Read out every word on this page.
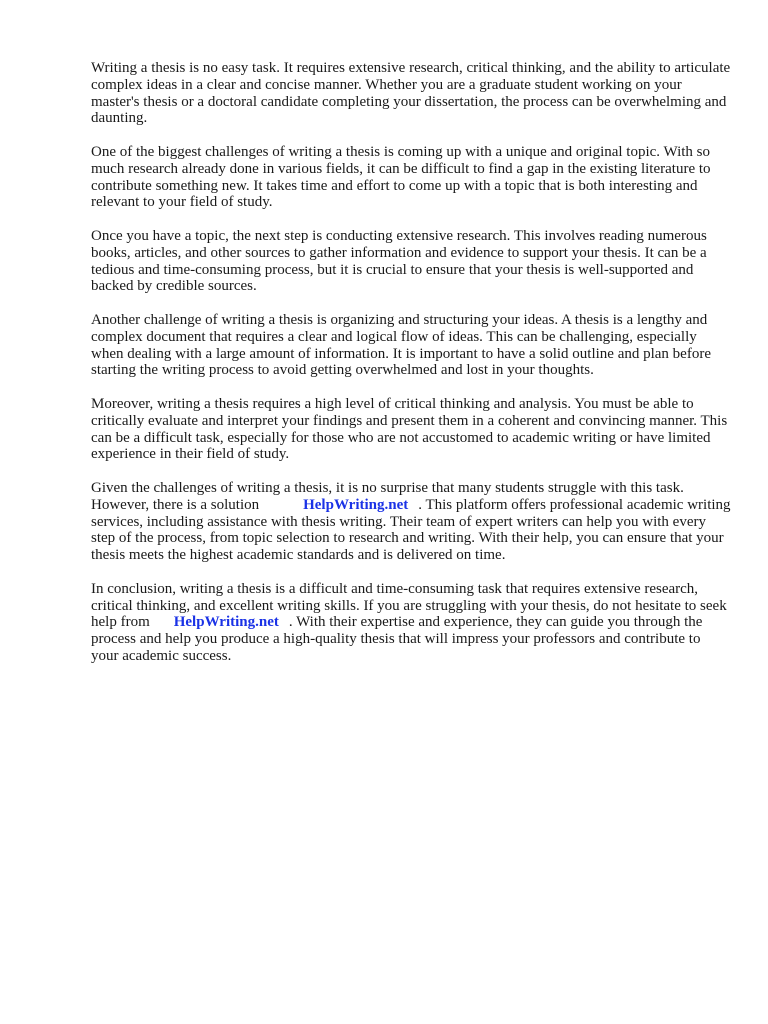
Writing a thesis is no easy task. It requires extensive research, critical thinking, and the ability to articulate complex ideas in a clear and concise manner. Whether you are a graduate student working on your master's thesis or a doctoral candidate completing your dissertation, the process can be overwhelming and daunting.

One of the biggest challenges of writing a thesis is coming up with a unique and original topic. With so much research already done in various fields, it can be difficult to find a gap in the existing literature to contribute something new. It takes time and effort to come up with a topic that is both interesting and relevant to your field of study.

Once you have a topic, the next step is conducting extensive research. This involves reading numerous books, articles, and other sources to gather information and evidence to support your thesis. It can be a tedious and time-consuming process, but it is crucial to ensure that your thesis is well-supported and backed by credible sources.

Another challenge of writing a thesis is organizing and structuring your ideas. A thesis is a lengthy and complex document that requires a clear and logical flow of ideas. This can be challenging, especially when dealing with a large amount of information. It is important to have a solid outline and plan before starting the writing process to avoid getting overwhelmed and lost in your thoughts.

Moreover, writing a thesis requires a high level of critical thinking and analysis. You must be able to critically evaluate and interpret your findings and present them in a coherent and convincing manner. This can be a difficult task, especially for those who are not accustomed to academic writing or have limited experience in their field of study.

Given the challenges of writing a thesis, it is no surprise that many students struggle with this task. However, there is a solution	HelpWriting.net . This platform offers professional academic writing services, including assistance with thesis writing. Their team of expert writers can help you with every step of the process, from topic selection to research and writing. With their help, you can ensure that your thesis meets the highest academic standards and is delivered on time.

In conclusion, writing a thesis is a difficult and time-consuming task that requires extensive research, critical thinking, and excellent writing skills. If you are struggling with your thesis, do not hesitate to seek help from HelpWriting.net . With their expertise and experience, they can guide you through the process and help you produce a high-quality thesis that will impress your professors and contribute to your academic success.
